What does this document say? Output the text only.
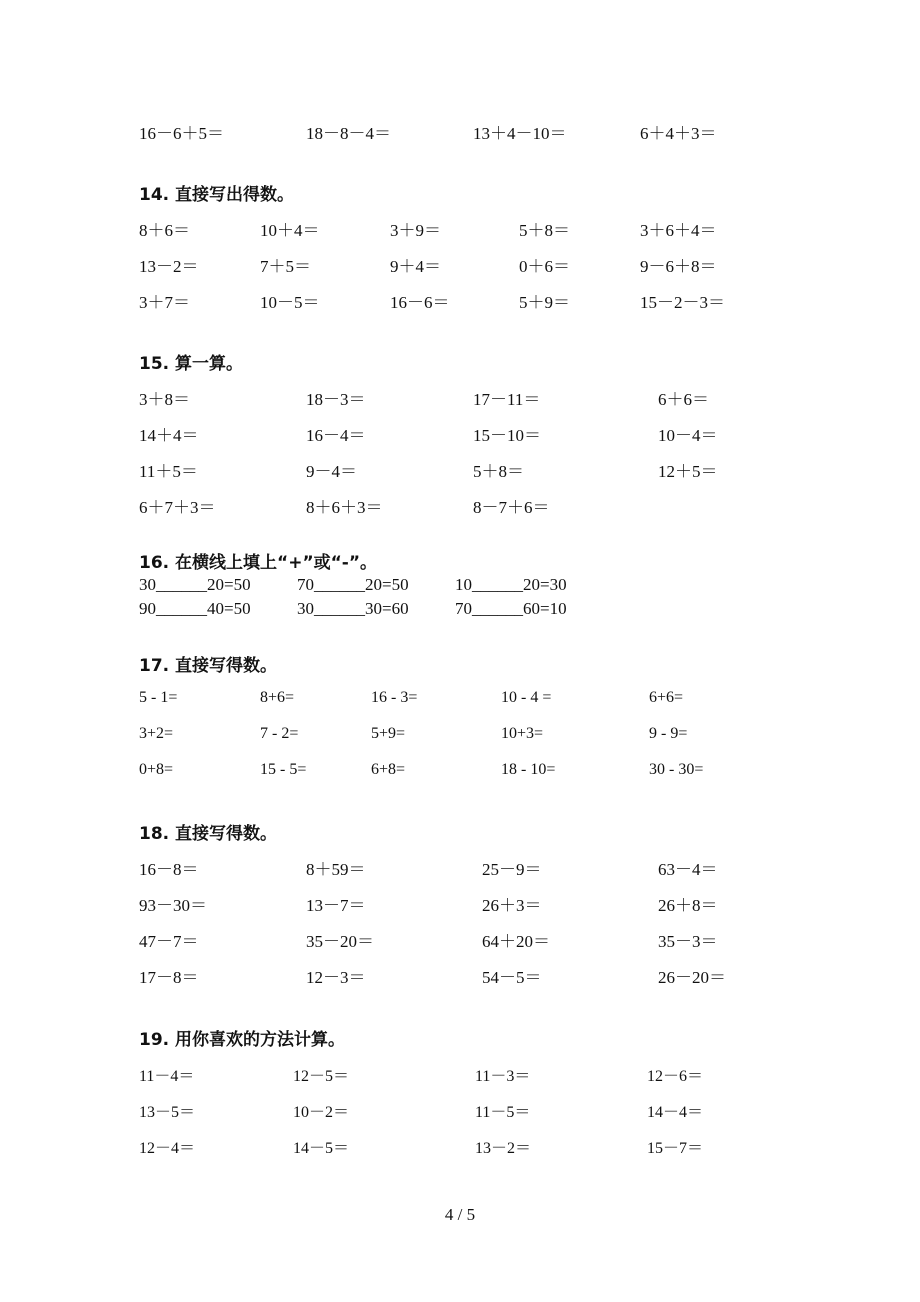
16－6＋5＝	18－8－4＝	13＋4－10＝	6＋4＋3＝
14. 直接写出得数。
8＋6＝	10＋4＝	3＋9＝	5＋8＝	3＋6＋4＝
13－2＝	7＋5＝	9＋4＝	0＋6＝	9－6＋8＝
3＋7＝	10－5＝	16－6＝	5＋9＝	15－2－3＝
15. 算一算。
3＋8＝	18－3＝	17－11＝	6＋6＝
14＋4＝	16－4＝	15－10＝	10－4＝
11＋5＝	9－4＝	5＋8＝	12＋5＝
6＋7＋3＝	8＋6＋3＝	8－7＋6＝
16. 在横线上填上“+”或“-”。
30______20=50	70______20=50	10______20=30
90______40=50	30______30=60	70______60=10
17. 直接写得数。
5 - 1=	8+6=	16 - 3=	10 - 4 =	6+6=
3+2=	7 - 2=	5+9=	10+3=	9 - 9=
0+8=	15 - 5=	6+8=	18 - 10=	30 - 30=
18. 直接写得数。
16－8＝	8＋59＝	25－9＝	63－4＝
93－30＝	13－7＝	26＋3＝	26＋8＝
47－7＝	35－20＝	64＋20＝	35－3＝
17－8＝	12－3＝	54－5＝	26－20＝
19. 用你喜欢的方法计算。
11－4＝	12－5＝	11－3＝	12－6＝
13－5＝	10－2＝	11－5＝	14－4＝
12－4＝	14－5＝	13－2＝	15－7＝
4 / 5
